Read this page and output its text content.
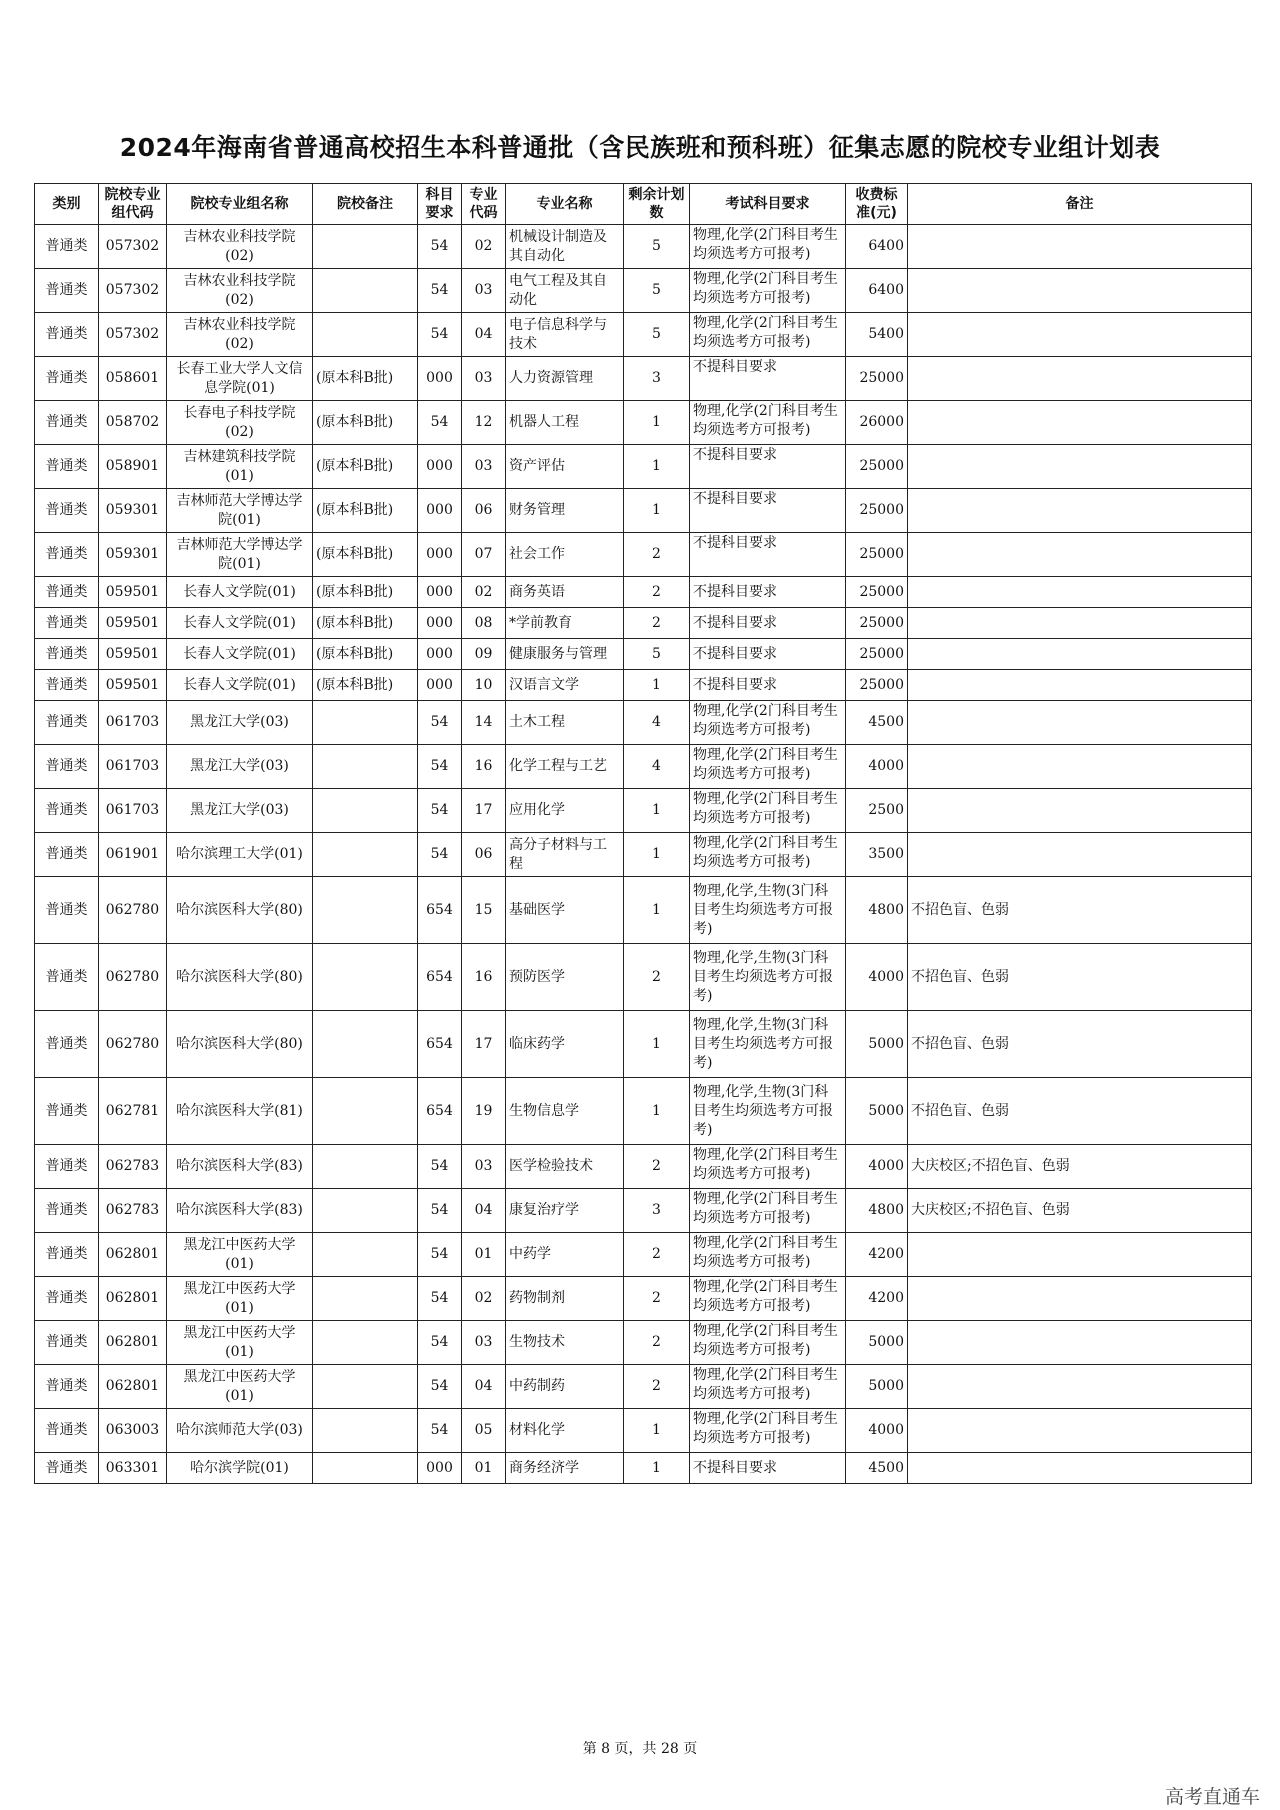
2024年海南省普通高校招生本科普通批（含民族班和预科班）征集志愿的院校专业组计划表
类别	院校专业组代码	院校专业组名称	院校备注	科目要求	专业代码	专业名称	剩余计划数	考试科目要求	收费标准(元)	备注
普通类	057302	吉林农业科技学院(02)		54	02	机械设计制造及其自动化	5	物理,化学(2门科目考生均须选考方可报考)	6400	
普通类	057302	吉林农业科技学院(02)		54	03	电气工程及其自动化	5	物理,化学(2门科目考生均须选考方可报考)	6400	
普通类	057302	吉林农业科技学院(02)		54	04	电子信息科学与技术	5	物理,化学(2门科目考生均须选考方可报考)	5400	
普通类	058601	长春工业大学人文信息学院(01)	(原本科B批)	000	03	人力资源管理	3	不提科目要求	25000	
普通类	058702	长春电子科技学院(02)	(原本科B批)	54	12	机器人工程	1	物理,化学(2门科目考生均须选考方可报考)	26000	
普通类	058901	吉林建筑科技学院(01)	(原本科B批)	000	03	资产评估	1	不提科目要求	25000	
普通类	059301	吉林师范大学博达学院(01)	(原本科B批)	000	06	财务管理	1	不提科目要求	25000	
普通类	059301	吉林师范大学博达学院(01)	(原本科B批)	000	07	社会工作	2	不提科目要求	25000	
普通类	059501	长春人文学院(01)	(原本科B批)	000	02	商务英语	2	不提科目要求	25000	
普通类	059501	长春人文学院(01)	(原本科B批)	000	08	*学前教育	2	不提科目要求	25000	
普通类	059501	长春人文学院(01)	(原本科B批)	000	09	健康服务与管理	5	不提科目要求	25000	
普通类	059501	长春人文学院(01)	(原本科B批)	000	10	汉语言文学	1	不提科目要求	25000	
普通类	061703	黑龙江大学(03)		54	14	土木工程	4	物理,化学(2门科目考生均须选考方可报考)	4500	
普通类	061703	黑龙江大学(03)		54	16	化学工程与工艺	4	物理,化学(2门科目考生均须选考方可报考)	4000	
普通类	061703	黑龙江大学(03)		54	17	应用化学	1	物理,化学(2门科目考生均须选考方可报考)	2500	
普通类	061901	哈尔滨理工大学(01)		54	06	高分子材料与工程	1	物理,化学(2门科目考生均须选考方可报考)	3500	
普通类	062780	哈尔滨医科大学(80)		654	15	基础医学	1	物理,化学,生物(3门科目考生均须选考方可报考)	4800	不招色盲、色弱
普通类	062780	哈尔滨医科大学(80)		654	16	预防医学	2	物理,化学,生物(3门科目考生均须选考方可报考)	4000	不招色盲、色弱
普通类	062780	哈尔滨医科大学(80)		654	17	临床药学	1	物理,化学,生物(3门科目考生均须选考方可报考)	5000	不招色盲、色弱
普通类	062781	哈尔滨医科大学(81)		654	19	生物信息学	1	物理,化学,生物(3门科目考生均须选考方可报考)	5000	不招色盲、色弱
普通类	062783	哈尔滨医科大学(83)		54	03	医学检验技术	2	物理,化学(2门科目考生均须选考方可报考)	4000	大庆校区;不招色盲、色弱
普通类	062783	哈尔滨医科大学(83)		54	04	康复治疗学	3	物理,化学(2门科目考生均须选考方可报考)	4800	大庆校区;不招色盲、色弱
普通类	062801	黑龙江中医药大学(01)		54	01	中药学	2	物理,化学(2门科目考生均须选考方可报考)	4200	
普通类	062801	黑龙江中医药大学(01)		54	02	药物制剂	2	物理,化学(2门科目考生均须选考方可报考)	4200	
普通类	062801	黑龙江中医药大学(01)		54	03	生物技术	2	物理,化学(2门科目考生均须选考方可报考)	5000	
普通类	062801	黑龙江中医药大学(01)		54	04	中药制药	2	物理,化学(2门科目考生均须选考方可报考)	5000	
普通类	063003	哈尔滨师范大学(03)		54	05	材料化学	1	物理,化学(2门科目考生均须选考方可报考)	4000	
普通类	063301	哈尔滨学院(01)		000	01	商务经济学	1	不提科目要求	4500	
第 8 页，共 28 页
高考直通车
